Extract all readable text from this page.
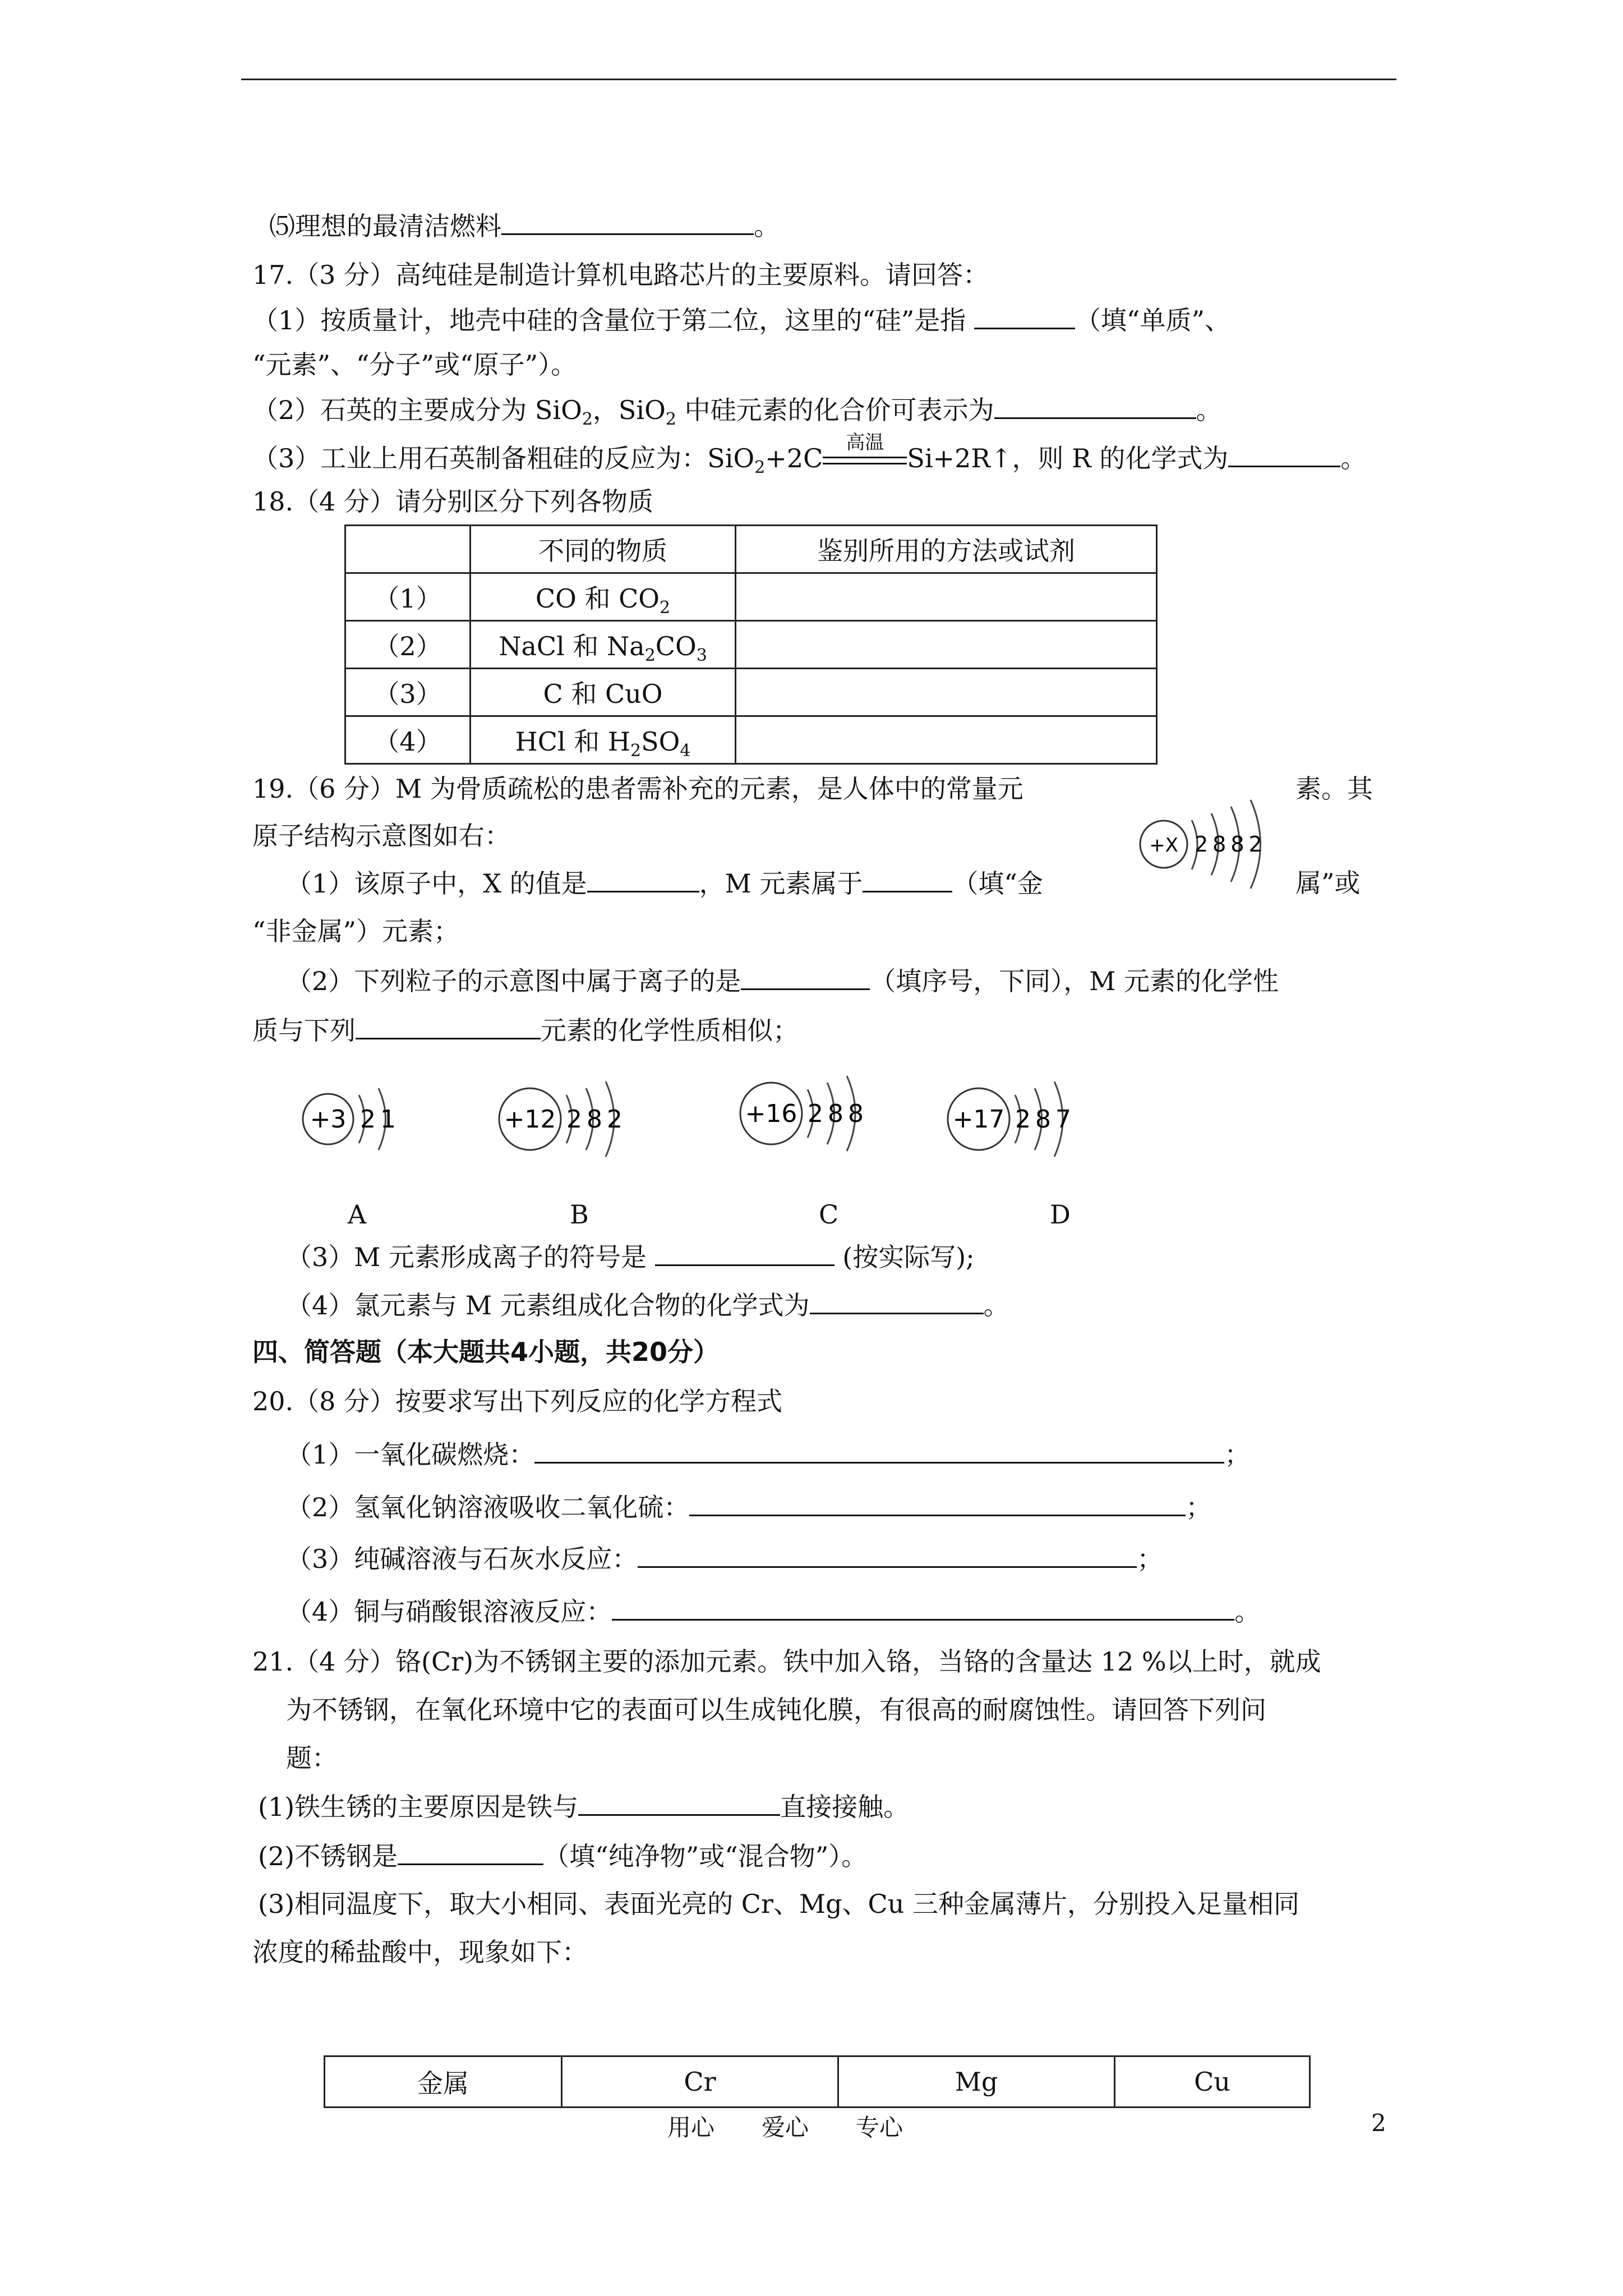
⑸理想的最清洁燃料	。
17.（3 分）高纯硅是制造计算机电路芯片的主要原料。请回答：
（1）按质量计，地壳中硅的含量位于第二位，这里的“硅”是指	（填“单质”、
“元素”、“分子”或“原子”）。
（2）石英的主要成分为 SiO$_2$，SiO$_2$ 中硅元素的化合价可表示为	。
（3）工业上用石英制备粗硅的反应为：SiO$_2$+2C
高温
Si+2R↑，则 R 的化学式为	。
18.（4 分）请分别区分下列各物质
	不同的物质	鉴别所用的方法或试剂
（1）	CO 和 $CO_2$	
（2）	NaCl 和 $Na_2CO_3$	
（3）	C 和 CuO	
（4）	HCl 和 $H_2SO_4$	
19.（6 分）M 为骨质疏松的患者需补充的元素，是人体中的常量元	素。其
原子结构示意图如右：	+X 2882
（1）该原子中，X 的值是	，M 元素属于	（填“金	属”或
“非金属”）元素；
（2）下列粒子的示意图中属于离子的是	（填序号，下同），M 元素的化学性
质与下列	元素的化学性质相似；
+3 21	+12 282	+16 288	+17 287
A	B	C	D
（3）M 元素形成离子的符号是	(按实际写);
（4）氯元素与 M 元素组成化合物的化学式为	。
四、简答题（本大题共4小题，共20分）
20.（8 分）按要求写出下列反应的化学方程式
（1）一氧化碳燃烧：	；
（2）氢氧化钠溶液吸收二氧化硫：	；
（3）纯碱溶液与石灰水反应：	；
（4）铜与硝酸银溶液反应：	。
21.（4 分）铬(Cr)为不锈钢主要的添加元素。铁中加入铬，当铬的含量达 12 %以上时，就成
为不锈钢，在氧化环境中它的表面可以生成钝化膜，有很高的耐腐蚀性。请回答下列问
题：
(1)铁生锈的主要原因是铁与	直接接触。
(2)不锈钢是	（填“纯净物”或“混合物”）。
(3)相同温度下，取大小相同、表面光亮的 Cr、Mg、Cu 三种金属薄片，分别投入足量相同
浓度的稀盐酸中，现象如下：
金属	Cr	Mg	Cu
用心　　爱心　　专心	2
